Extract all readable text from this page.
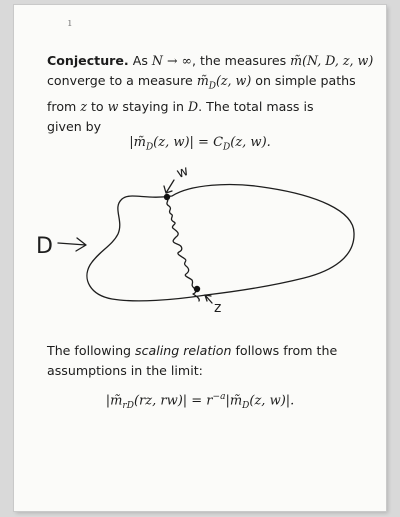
ı
Conjecture. As N → ∞, the measures m̃(N, D, z, w)
converge to a measure $m̃_D(z$, w) on simple paths
from z to w staying in D. The total mass is
given by
$|m̃_D(z$, $w)| = C_D(z$, w).
w
z
D
The following scaling relation follows from the
assumptions in the limit:
$|m̃_{rD}(rz$, $rw)| = r^{-a}|m̃_D(z$, w)|.
